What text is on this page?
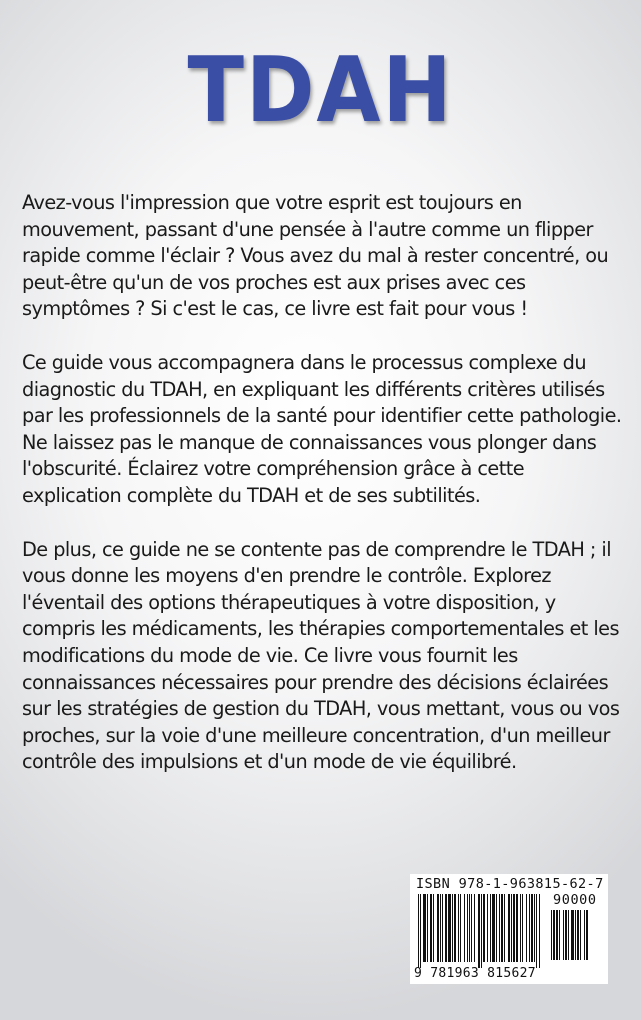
TDAH

Avez-vous l'impression que votre esprit est toujours en mouvement, passant d'une pensée à l'autre comme un flipper rapide comme l'éclair ? Vous avez du mal à rester concentré, ou peut-être qu'un de vos proches est aux prises avec ces symptômes ? Si c'est le cas, ce livre est fait pour vous !

Ce guide vous accompagnera dans le processus complexe du diagnostic du TDAH, en expliquant les différents critères utilisés par les professionnels de la santé pour identifier cette pathologie. Ne laissez pas le manque de connaissances vous plonger dans l'obscurité. Éclairez votre compréhension grâce à cette explication complète du TDAH et de ses subtilités.

De plus, ce guide ne se contente pas de comprendre le TDAH ; il vous donne les moyens d'en prendre le contrôle. Explorez l'éventail des options thérapeutiques à votre disposition, y compris les médicaments, les thérapies comportementales et les modifications du mode de vie. Ce livre vous fournit les connaissances nécessaires pour prendre des décisions éclairées sur les stratégies de gestion du TDAH, vous mettant, vous ou vos proches, sur la voie d'une meilleure concentration, d'un meilleur contrôle des impulsions et d'un mode de vie équilibré.

ISBN 978-1-963815-62-7
90000
9 781963 815627
